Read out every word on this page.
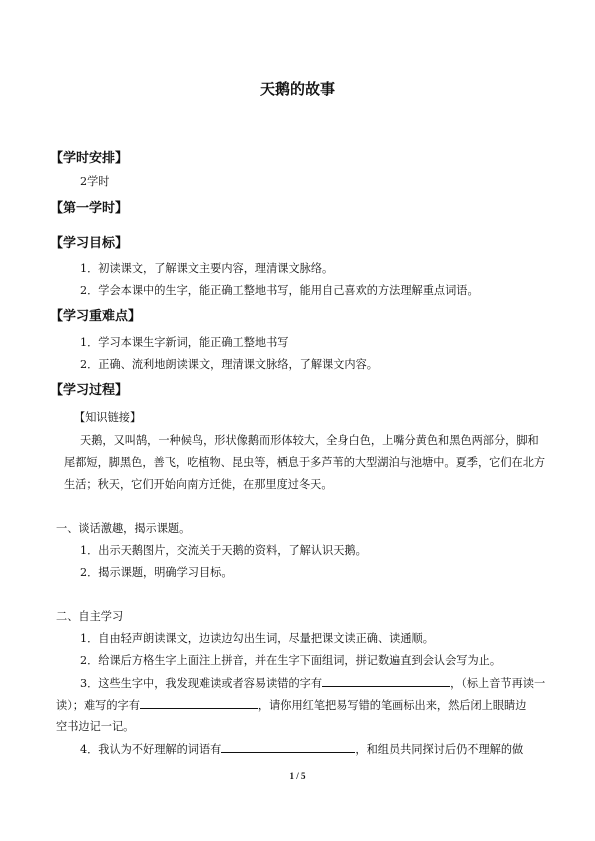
天鹅的故事
【学时安排】
2学时
【第一学时】
【学习目标】
1．初读课文，了解课文主要内容，理清课文脉络。
2．学会本课中的生字，能正确工整地书写，能用自己喜欢的方法理解重点词语。
【学习重难点】
1．学习本课生字新词，能正确工整地书写
2．正确、流利地朗读课文，理清课文脉络，了解课文内容。
【学习过程】
【知识链接】
天鹅，又叫鹄，一种候鸟，形状像鹅而形体较大，全身白色，上嘴分黄色和黑色两部分，脚和尾都短，脚黑色，善飞，吃植物、昆虫等，栖息于多芦苇的大型湖泊与池塘中。夏季，它们在北方生活；秋天，它们开始向南方迁徙，在那里度过冬天。
一、谈话激趣，揭示课题。
1．出示天鹅图片，交流关于天鹅的资料，了解认识天鹅。
2．揭示课题，明确学习目标。
二、自主学习
1．自由轻声朗读课文，边读边勾出生词，尽量把课文读正确、读通顺。
2．给课后方格生字上面注上拼音，并在生字下面组词，拼记数遍直到会认会写为止。
3．这些生字中，我发现难读或者容易读错的字有	，（标上音节再读一
读）；难写的字有	，请你用红笔把易写错的笔画标出来，然后闭上眼睛边
空书边记一记。
4．我认为不好理解的词语有	，和组员共同探讨后仍不理解的做
1 / 5
